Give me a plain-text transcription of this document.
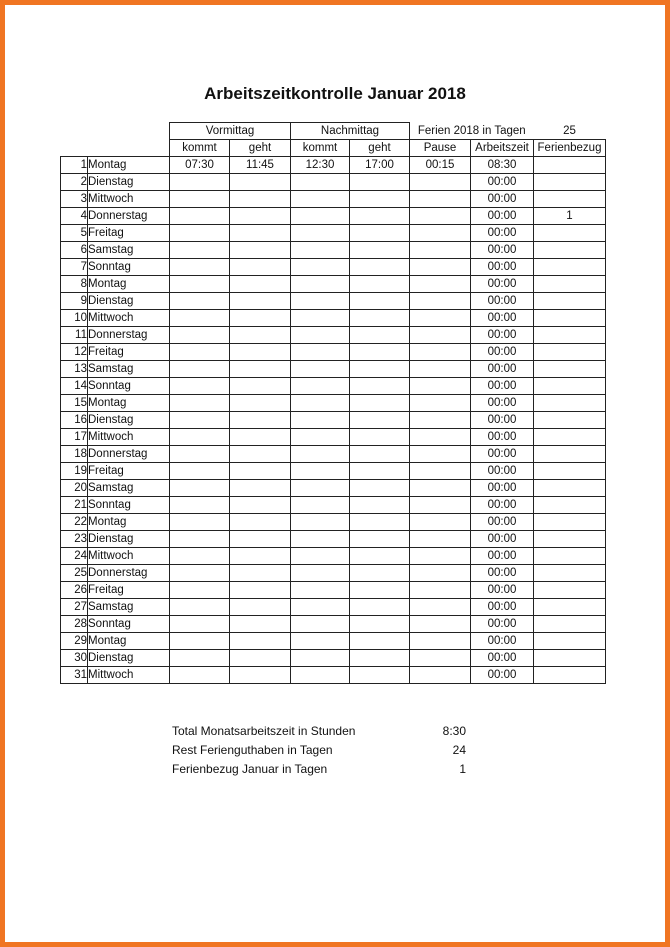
Arbeitszeitkontrolle Januar 2018
		Vormittag		Nachmittag		Ferien 2018 in Tagen		25
		kommt	geht	kommt	geht	Pause	Arbeitszeit	Ferienbezug
1	Montag	07:30	11:45	12:30	17:00	00:15	08:30	
2	Dienstag						00:00	
3	Mittwoch						00:00	
4	Donnerstag						00:00	1
5	Freitag						00:00	
6	Samstag						00:00	
7	Sonntag						00:00	
8	Montag						00:00	
9	Dienstag						00:00	
10	Mittwoch						00:00	
11	Donnerstag						00:00	
12	Freitag						00:00	
13	Samstag						00:00	
14	Sonntag						00:00	
15	Montag						00:00	
16	Dienstag						00:00	
17	Mittwoch						00:00	
18	Donnerstag						00:00	
19	Freitag						00:00	
20	Samstag						00:00	
21	Sonntag						00:00	
22	Montag						00:00	
23	Dienstag						00:00	
24	Mittwoch						00:00	
25	Donnerstag						00:00	
26	Freitag						00:00	
27	Samstag						00:00	
28	Sonntag						00:00	
29	Montag						00:00	
30	Dienstag						00:00	
31	Mittwoch						00:00	
Total Monatsarbeitszeit in Stunden	8:30
Rest Ferienguthaben in Tagen	24
Ferienbezug Januar in Tagen	1
